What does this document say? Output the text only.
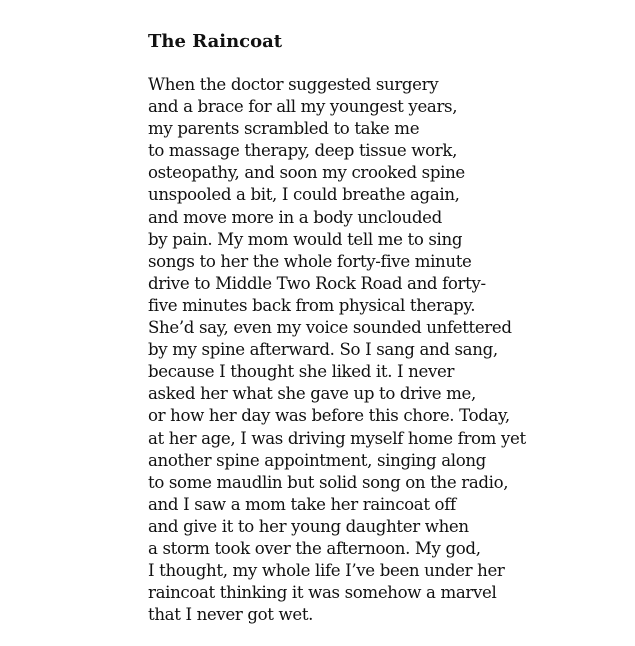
The Raincoat
When the doctor suggested surgery
and a brace for all my youngest years,
my parents scrambled to take me
to massage therapy, deep tissue work,
osteopathy, and soon my crooked spine
unspooled a bit, I could breathe again,
and move more in a body unclouded
by pain. My mom would tell me to sing
songs to her the whole forty-five minute
drive to Middle Two Rock Road and forty-
five minutes back from physical therapy.
She’d say, even my voice sounded unfettered
by my spine afterward. So I sang and sang,
because I thought she liked it. I never
asked her what she gave up to drive me,
or how her day was before this chore. Today,
at her age, I was driving myself home from yet
another spine appointment, singing along
to some maudlin but solid song on the radio,
and I saw a mom take her raincoat off
and give it to her young daughter when
a storm took over the afternoon. My god,
I thought, my whole life I’ve been under her
raincoat thinking it was somehow a marvel
that I never got wet.
